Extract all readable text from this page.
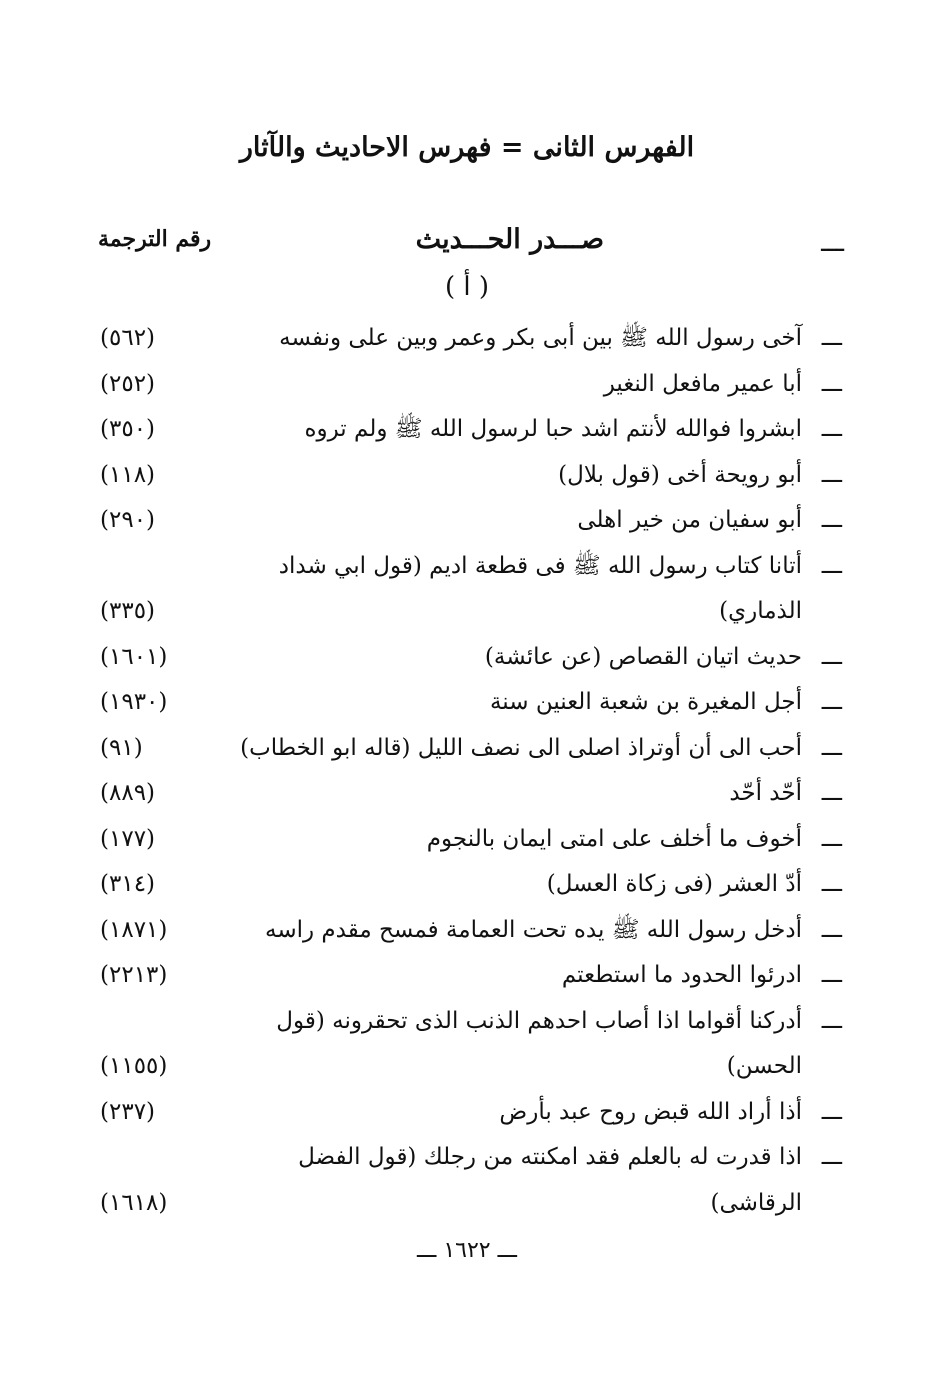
الفهرس الثانى = فهرس الاحاديث والآثار
ـــ
صـــدر الحـــديث
رقم الترجمة
( أ )
ـــ
آخى رسول الله ﷺ بين أبى بكر وعمر وبين على ونفسه
(٥٦٢)
ـــ
أبا عمير مافعل النغير
(٢٥٢)
ـــ
ابشروا فوالله لأنتم اشد حبا لرسول الله ﷺ ولم تروه
(٣٥٠)
ـــ
أبو رويحة أخى (قول بلال)
(١١٨)
ـــ
أبو سفيان من خير اهلى
(٢٩٠)
ـــ
أتانا كتاب رسول الله ﷺ فى قطعة اديم (قول ابي شداد الذماري)
(٣٣٥)
ـــ
حديث اتيان القصاص (عن عائشة)
(١٦٠١)
ـــ
أجل المغيرة بن شعبة العنين سنة
(١٩٣٠)
ـــ
أحب الى أن أوتراذ اصلى الى نصف الليل (قاله ابو الخطاب)
(٩١)
ـــ
أحّد أحّد
(٨٨٩)
ـــ
أخوف ما أخلف على امتى ايمان بالنجوم
(١٧٧)
ـــ
أدّ العشر (فى زكاة العسل)
(٣١٤)
ـــ
أدخل رسول الله ﷺ يده تحت العمامة فمسح مقدم راسه
(١٨٧١)
ـــ
ادرئوا الحدود ما استطعتم
(٢٢١٣)
ـــ
أدركنا أقواما اذا أصاب احدهم الذنب الذى تحقرونه (قول الحسن)
(١١٥٥)
ـــ
أذا أراد الله قبض روح عبد بأرض
(٢٣٧)
ـــ
اذا قدرت له بالعلم فقد امكنته من رجلك (قول الفضل الرقاشى)
(١٦١٨)
ـــ ١٦٢٢ ـــ
